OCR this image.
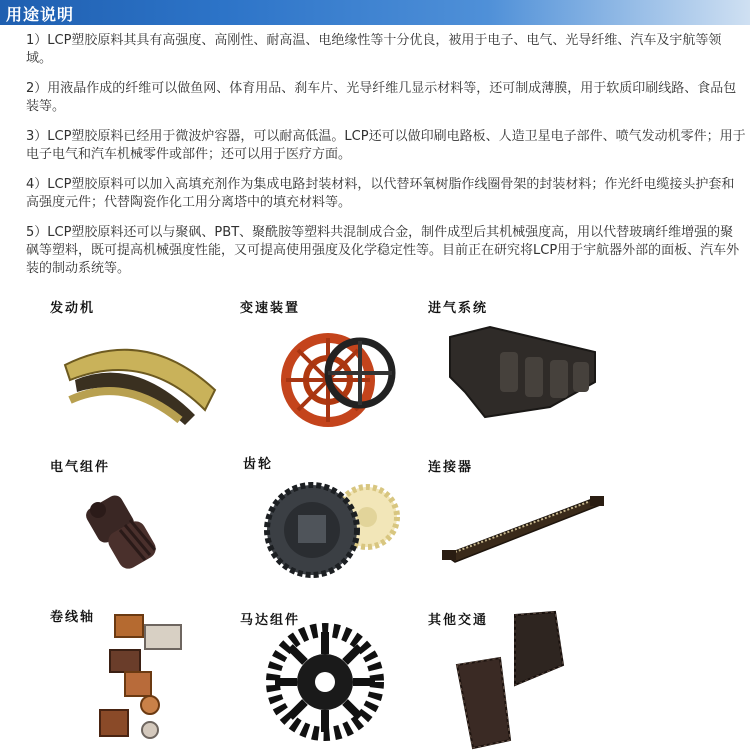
用途说明

1）LCP塑胶原料其具有高强度、高刚性、耐高温、电绝缘性等十分优良，被用于电子、电气、光导纤维、汽车及宇航等领域。

2）用液晶作成的纤维可以做鱼网、体育用品、刹车片、光导纤维几显示材料等，还可制成薄膜，用于软质印刷线路、食品包装等。

3）LCP塑胶原料已经用于微波炉容器，可以耐高低温。LCP还可以做印刷电路板、人造卫星电子部件、喷气发动机零件；用于电子电气和汽车机械零件或部件；还可以用于医疗方面。

4）LCP塑胶原料可以加入高填充剂作为集成电路封装材料，以代替环氧树脂作线圈骨架的封装材料；作光纤电缆接头护套和高强度元件；代替陶瓷作化工用分离塔中的填充材料等。

5）LCP塑胶原料还可以与聚砜、PBT、聚酰胺等塑料共混制成合金，制件成型后其机械强度高，用以代替玻璃纤维增强的聚砜等塑料，既可提高机械强度性能，又可提高使用强度及化学稳定性等。目前正在研究将LCP用于宇航器外部的面板、汽车外装的制动系统等。

发动机	变速装置	进气系统
电气组件	齿轮	连接器
卷线轴	马达组件	其他交通
